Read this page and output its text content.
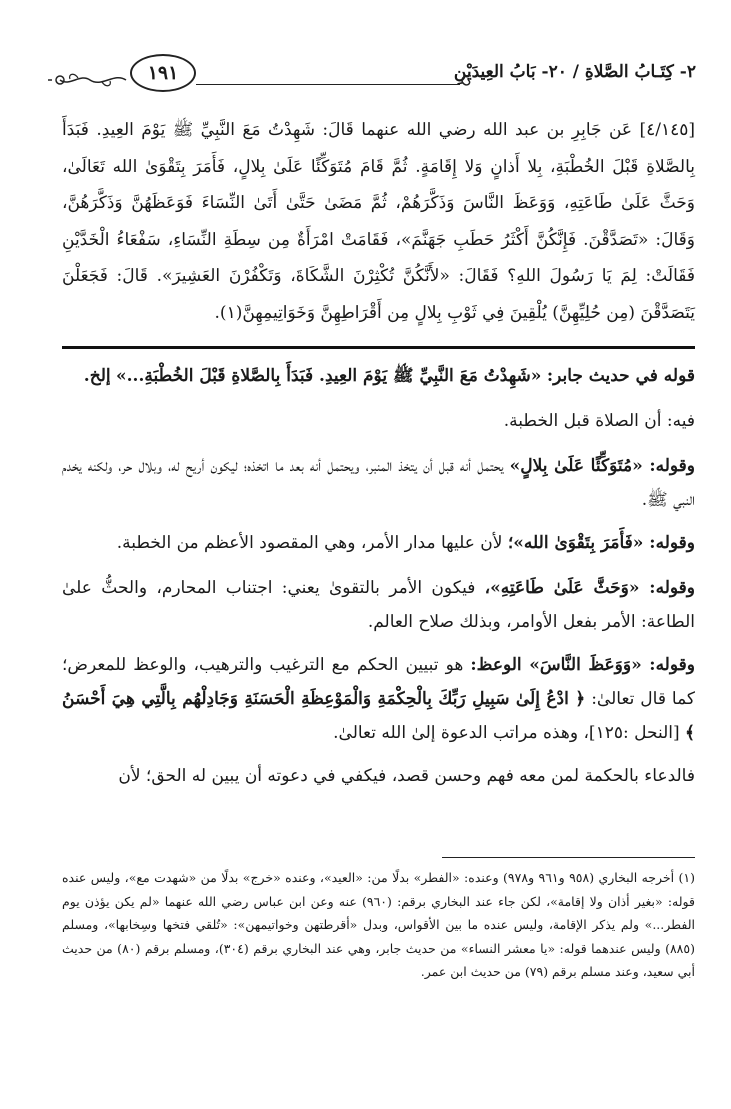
٢- كِتَـابُ الصَّلاةِ / ٢٠- بَابُ العِيدَيْنِ
١٩١
[٤/١٤٥] عَن جَابِرِ بن عبد الله رضي الله عنهما قَالَ: شَهِدْتُ مَعَ النَّبِيِّ ﷺ يَوْمَ العِيدِ. فَبَدَأَ بِالصَّلاةِ قَبْلَ الخُطْبَةِ، بِلا أَذانٍ وَلا إِقَامَةٍ. ثُمَّ قَامَ مُتَوَكِّئًا عَلَىٰ بِلالٍ، فَأَمَرَ بِتَقْوَىٰ الله تَعَالَىٰ، وَحَثَّ عَلَىٰ طَاعَتِهِ، وَوَعَظَ النَّاسَ وَذَكَّرَهُمْ، ثُمَّ مَضَىٰ حَتَّىٰ أَتَىٰ النِّسَاءَ فَوَعَظَهُنَّ وَذَكَّرَهُنَّ، وَقَالَ: «تَصَدَّقْنَ. فَإِنَّكُنَّ أَكْثَرُ حَطَبِ جَهَنَّمَ»، فَقَامَتْ امْرَأَةٌ مِن سِطَةِ النِّسَاءِ، سَفْعَاءُ الْخَدَّيْنِ فَقَالَتْ: لِمَ يَا رَسُولَ اللهِ؟ فَقَالَ: «لأَنَّكُنَّ تُكْثِرْنَ الشَّكَاةَ، وَتَكْفُرْنَ العَشِيرَ». قَالَ: فَجَعَلْنَ يَتَصَدَّقْنَ (مِن حُلِيِّهِنَّ) يُلْقِينَ فِي ثَوْبِ بِلالٍ مِن أَقْرَاطِهِنَّ وَخَوَاتِيمِهِنَّ(١).

قوله في حديث جابر: «شَهِدْتُ مَعَ النَّبِيِّ ﷺ يَوْمَ العِيدِ. فَبَدَأَ بِالصَّلاةِ قَبْلَ الخُطْبَةِ...» إلخ.

فيه: أن الصلاة قبل الخطبة.

وقوله: «مُتَوَكِّئًا عَلَىٰ بِلالٍ» يحتمل أنه قبل أن يتخذ المنبر، ويحتمل أنه بعد ما اتخذه؛ ليكون أريح له، وبلال حر، ولكنه يخدم النبي ﷺ.

وقوله: «فَأَمَرَ بِتَقْوَىٰ الله»؛ لأن عليها مدار الأمر، وهي المقصود الأعظم من الخطبة.

وقوله: «وَحَثَّ عَلَىٰ طَاعَتِهِ»، فيكون الأمر بالتقوىٰ يعني: اجتناب المحارم، والحثُّ علىٰ الطاعة: الأمر بفعل الأوامر، وبذلك صلاح العالم.

وقوله: «وَوَعَظَ النَّاسَ» الوعظ: هو تبيين الحكم مع الترغيب والترهيب، والوعظ للمعرض؛ كما قال تعالىٰ: ﴿ ادْعُ إِلَىٰ سَبِيلِ رَبِّكَ بِالْحِكْمَةِ وَالْمَوْعِظَةِ الْحَسَنَةِ وَجَادِلْهُم بِالَّتِي هِيَ أَحْسَنُ ﴾ [النحل :١٢٥]، وهذه مراتب الدعوة إلىٰ الله تعالىٰ.

فالدعاء بالحكمة لمن معه فهم وحسن قصد، فيكفي في دعوته أن يبين له الحق؛ لأن

(١) أخرجه البخاري (٩٥٨ و٩٦١ و٩٧٨) وعنده: «الفطر» بدلًا من: «العيد»، وعنده «خرج» بدلًا من «شهدت مع»، وليس عنده قوله: «بغير أذان ولا إقامة»، لكن جاء عند البخاري برقم: (٩٦٠) عنه وعن ابن عباس رضي الله عنهما «لم يكن يؤذن يوم الفطر...» ولم يذكر الإقامة، وليس عنده ما بين الأقواس، وبدل «أقرطتهن وخواتيمهن»: «تُلقي فتخها وسِخابها»، ومسلم (٨٨٥) وليس عندهما قوله: «يا معشر النساء» من حديث جابر، وهي عند البخاري برقم (٣٠٤)، ومسلم برقم (٨٠) من حديث أبي سعيد، وعند مسلم برقم (٧٩) من حديث ابن عمر.
